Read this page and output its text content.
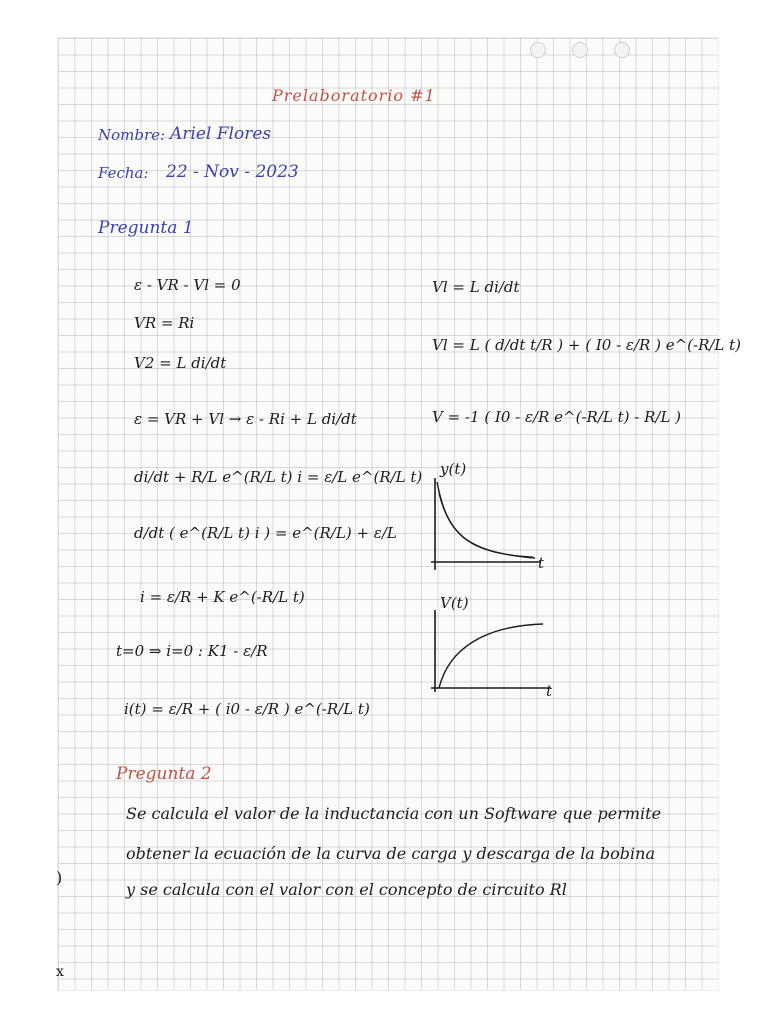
Prelaboratorio #1
Nombre: Ariel Flores
Fecha: 22 - Nov - 2023
Pregunta 1
ε - VR - Vl = 0
VR = Ri
V2 = L di/dt
ε = VR + Vl → ε - Ri + L di/dt
di/dt + R/L e^(R/L t) i = ε/L e^(R/L t)
d/dt ( e^(R/L t) i ) = e^(R/L) + ε/L
i = ε/R + K e^(-R/L t)
t=0 ⇒ i=0 : K1 - ε/R
i(t) = ε/R + ( i0 - ε/R ) e^(-R/L t)
Vl = L di/dt
Vl = L ( d/dt t/R ) + ( I0 - ε/R ) e^(-R/L t)
V = -1 ( I0 - ε/R e^(-R/L t) - R/L )
y(t)
t
V(t)
t
Pregunta 2
Se calcula el valor de la inductancia con un Software que permite
obtener la ecuación de la curva de carga y descarga de la bobina
y se calcula con el valor con el concepto de circuito Rl
)
x
